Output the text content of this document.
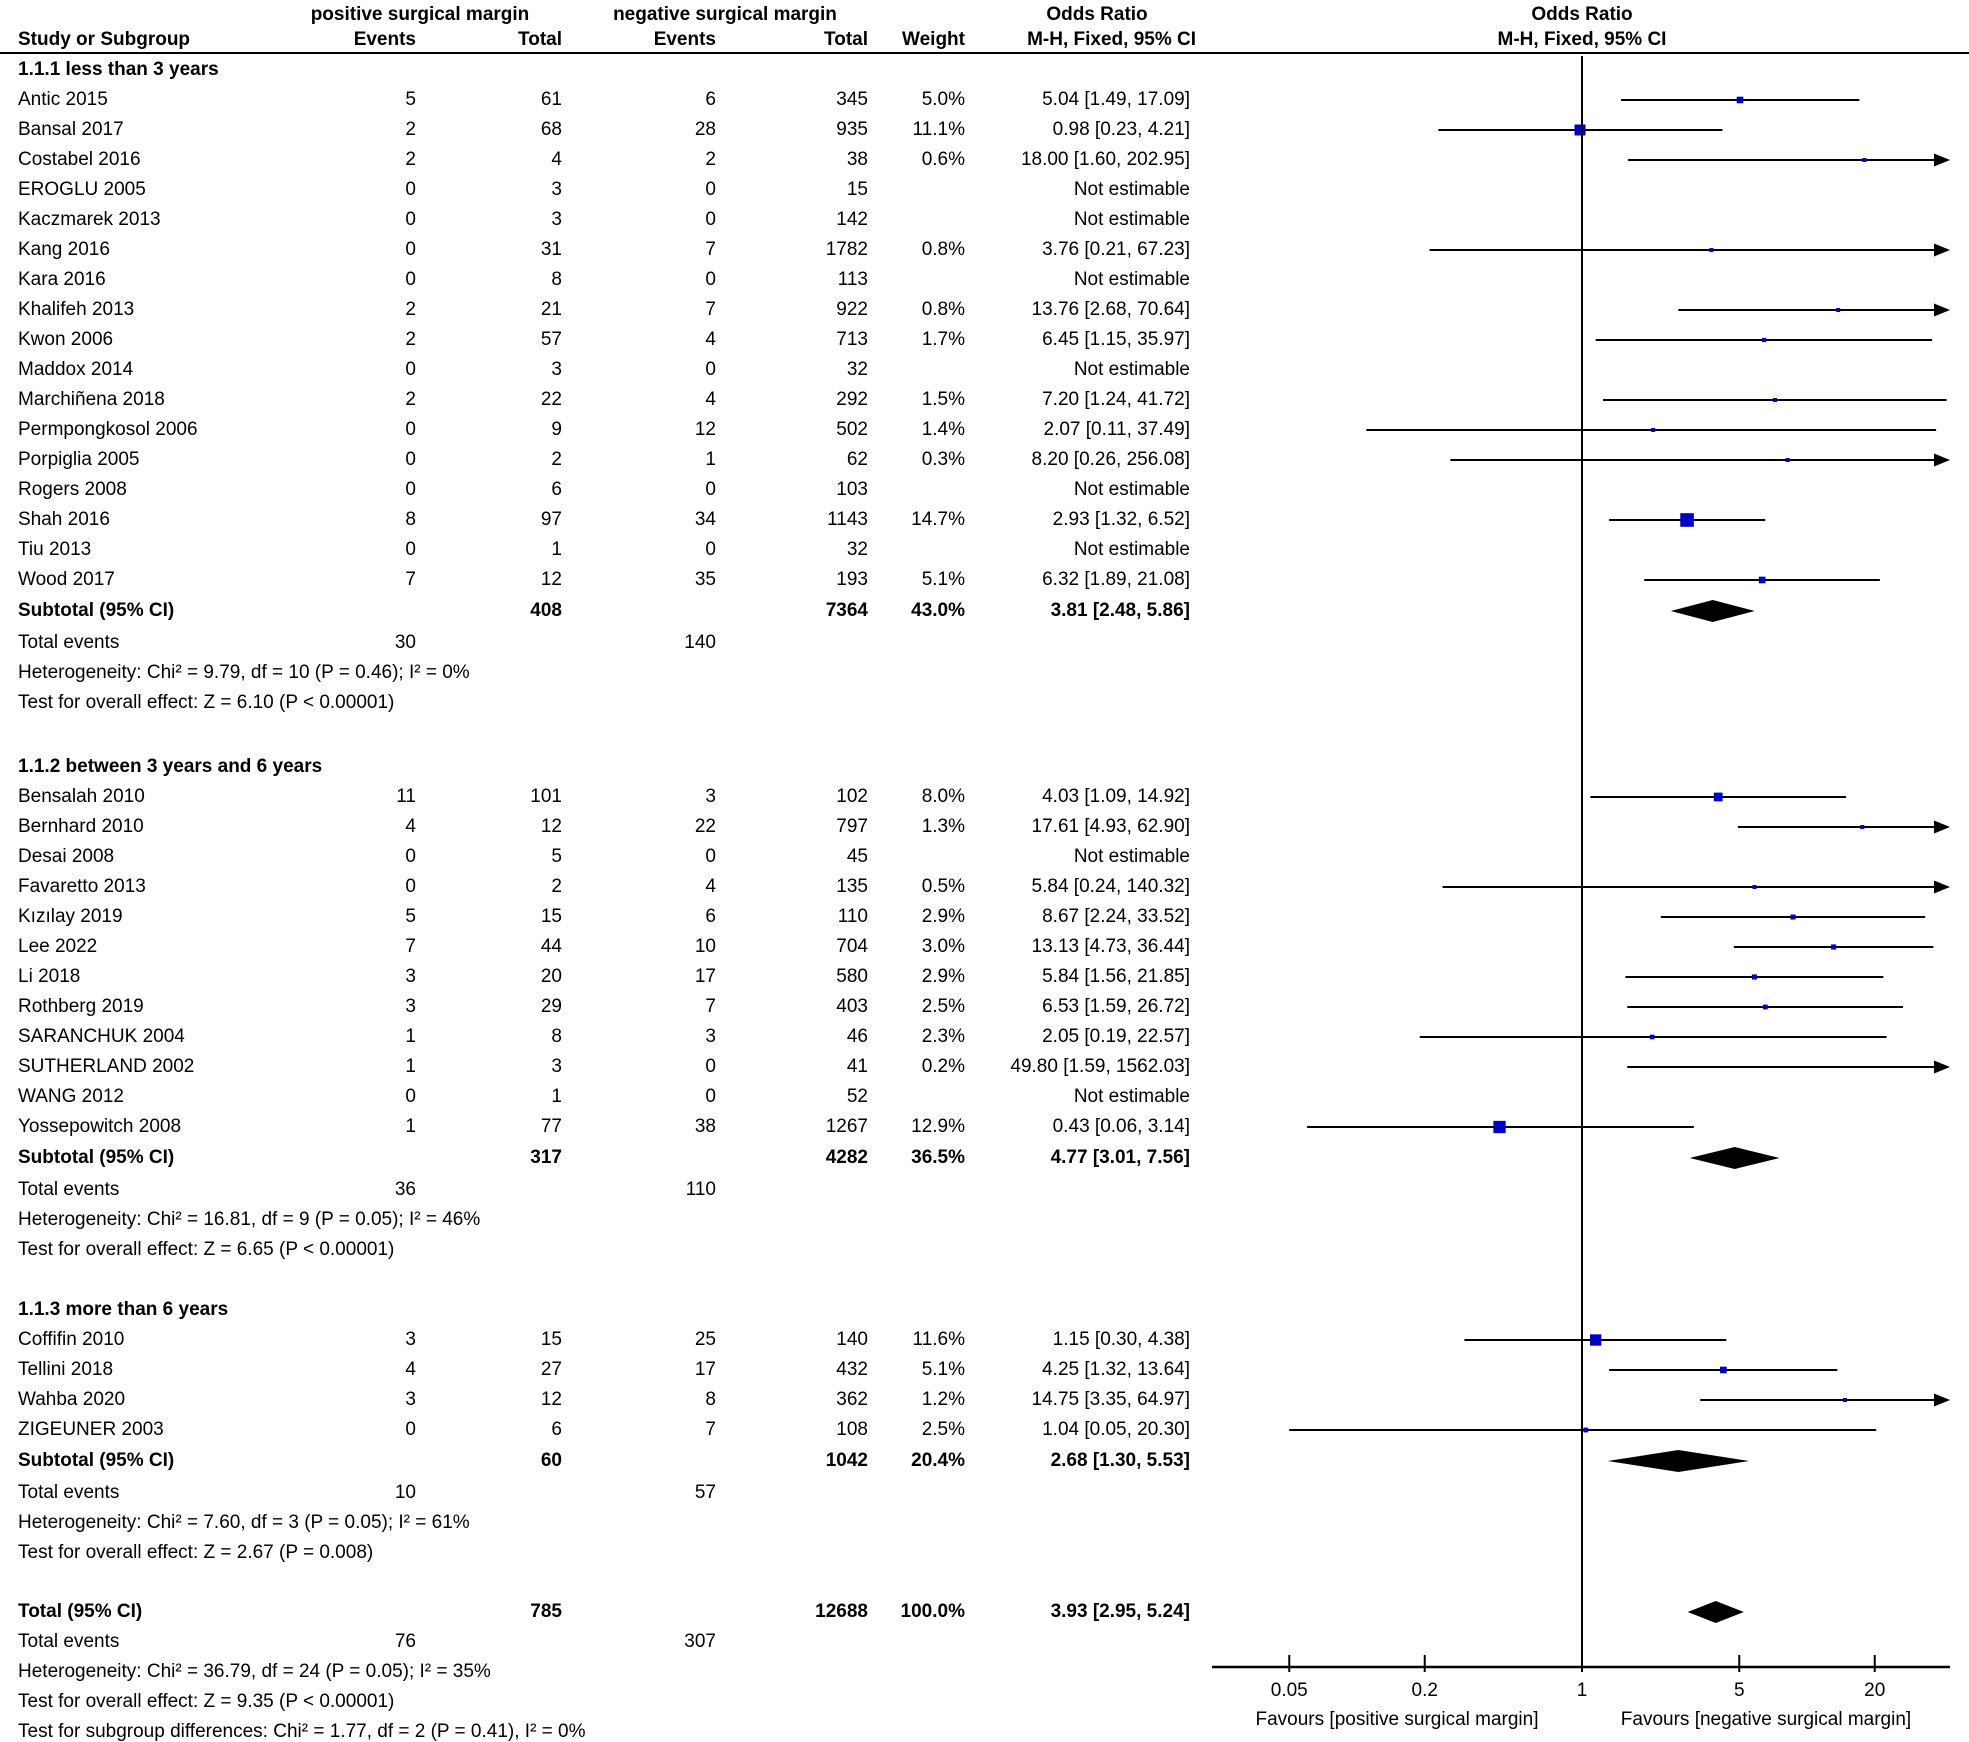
positive surgical margin	negative surgical margin	Odds Ratio	Odds Ratio
Study or Subgroup	Events	Total	Events	Total	Weight	M-H, Fixed, 95% CI	M-H, Fixed, 95% CI
1.1.1 less than 3 years
Antic 2015	5	61	6	345	5.0%	5.04 [1.49, 17.09]
Bansal 2017	2	68	28	935	11.1%	0.98 [0.23, 4.21]
Costabel 2016	2	4	2	38	0.6%	18.00 [1.60, 202.95]
EROGLU 2005	0	3	0	15	Not estimable
Kaczmarek 2013	0	3	0	142	Not estimable
Kang 2016	0	31	7	1782	0.8%	3.76 [0.21, 67.23]
Kara 2016	0	8	0	113	Not estimable
Khalifeh 2013	2	21	7	922	0.8%	13.76 [2.68, 70.64]
Kwon 2006	2	57	4	713	1.7%	6.45 [1.15, 35.97]
Maddox 2014	0	3	0	32	Not estimable
Marchiñena 2018	2	22	4	292	1.5%	7.20 [1.24, 41.72]
Permpongkosol 2006	0	9	12	502	1.4%	2.07 [0.11, 37.49]
Porpiglia 2005	0	2	1	62	0.3%	8.20 [0.26, 256.08]
Rogers 2008	0	6	0	103	Not estimable
Shah 2016	8	97	34	1143	14.7%	2.93 [1.32, 6.52]
Tiu 2013	0	1	0	32	Not estimable
Wood 2017	7	12	35	193	5.1%	6.32 [1.89, 21.08]
Subtotal (95% CI)	408	7364	43.0%	3.81 [2.48, 5.86]
Total events	30	140
Heterogeneity: Chi² = 9.79, df = 10 (P = 0.46); I² = 0%
Test for overall effect: Z = 6.10 (P < 0.00001)
1.1.2 between 3 years and 6 years
Bensalah 2010	11	101	3	102	8.0%	4.03 [1.09, 14.92]
Bernhard 2010	4	12	22	797	1.3%	17.61 [4.93, 62.90]
Desai 2008	0	5	0	45	Not estimable
Favaretto 2013	0	2	4	135	0.5%	5.84 [0.24, 140.32]
Kızılay 2019	5	15	6	110	2.9%	8.67 [2.24, 33.52]
Lee 2022	7	44	10	704	3.0%	13.13 [4.73, 36.44]
Li 2018	3	20	17	580	2.9%	5.84 [1.56, 21.85]
Rothberg 2019	3	29	7	403	2.5%	6.53 [1.59, 26.72]
SARANCHUK 2004	1	8	3	46	2.3%	2.05 [0.19, 22.57]
SUTHERLAND 2002	1	3	0	41	0.2%	49.80 [1.59, 1562.03]
WANG 2012	0	1	0	52	Not estimable
Yossepowitch 2008	1	77	38	1267	12.9%	0.43 [0.06, 3.14]
Subtotal (95% CI)	317	4282	36.5%	4.77 [3.01, 7.56]
Total events	36	110
Heterogeneity: Chi² = 16.81, df = 9 (P = 0.05); I² = 46%
Test for overall effect: Z = 6.65 (P < 0.00001)
1.1.3 more than 6 years
Coffifin 2010	3	15	25	140	11.6%	1.15 [0.30, 4.38]
Tellini 2018	4	27	17	432	5.1%	4.25 [1.32, 13.64]
Wahba 2020	3	12	8	362	1.2%	14.75 [3.35, 64.97]
ZIGEUNER 2003	0	6	7	108	2.5%	1.04 [0.05, 20.30]
Subtotal (95% CI)	60	1042	20.4%	2.68 [1.30, 5.53]
Total events	10	57
Heterogeneity: Chi² = 7.60, df = 3 (P = 0.05); I² = 61%
Test for overall effect: Z = 2.67 (P = 0.008)
Total (95% CI)	785	12688	100.0%	3.93 [2.95, 5.24]
Total events	76	307
Heterogeneity: Chi² = 36.79, df = 24 (P = 0.05); I² = 35%
Test for overall effect: Z = 9.35 (P < 0.00001)
Test for subgroup differences: Chi² = 1.77, df = 2 (P = 0.41), I² = 0%
0.05	0.2	1	5	20
Favours [positive surgical margin]	Favours [negative surgical margin]
